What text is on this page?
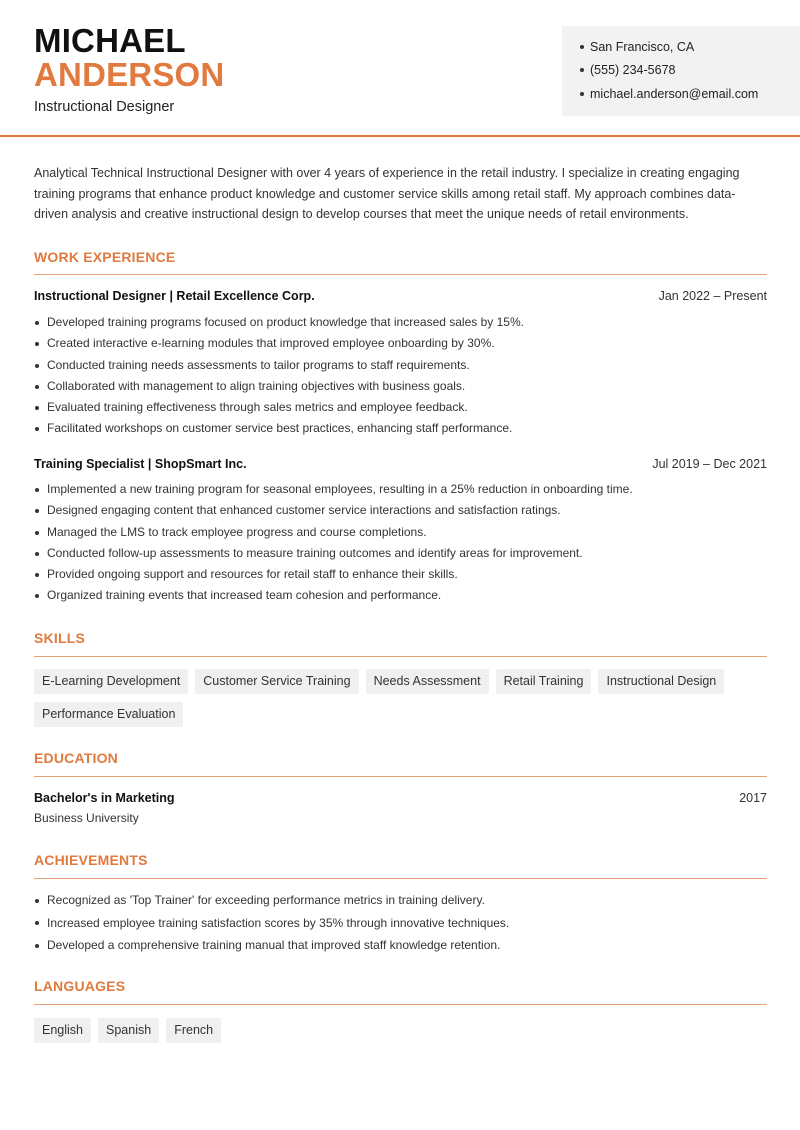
MICHAEL
ANDERSON
Instructional Designer
San Francisco, CA
(555) 234-5678
michael.anderson@email.com

Analytical Technical Instructional Designer with over 4 years of experience in the retail industry. I specialize in creating engaging training programs that enhance product knowledge and customer service skills among retail staff. My approach combines data-driven analysis and creative instructional design to develop courses that meet the unique needs of retail environments.

WORK EXPERIENCE
Instructional Designer | Retail Excellence Corp.	Jan 2022 – Present
Developed training programs focused on product knowledge that increased sales by 15%.
Created interactive e-learning modules that improved employee onboarding by 30%.
Conducted training needs assessments to tailor programs to staff requirements.
Collaborated with management to align training objectives with business goals.
Evaluated training effectiveness through sales metrics and employee feedback.
Facilitated workshops on customer service best practices, enhancing staff performance.
Training Specialist | ShopSmart Inc.	Jul 2019 – Dec 2021
Implemented a new training program for seasonal employees, resulting in a 25% reduction in onboarding time.
Designed engaging content that enhanced customer service interactions and satisfaction ratings.
Managed the LMS to track employee progress and course completions.
Conducted follow-up assessments to measure training outcomes and identify areas for improvement.
Provided ongoing support and resources for retail staff to enhance their skills.
Organized training events that increased team cohesion and performance.
SKILLS
E-Learning Development	Customer Service Training	Needs Assessment	Retail Training	Instructional Design
Performance Evaluation
EDUCATION
Bachelor's in Marketing	2017
Business University
ACHIEVEMENTS
Recognized as 'Top Trainer' for exceeding performance metrics in training delivery.
Increased employee training satisfaction scores by 35% through innovative techniques.
Developed a comprehensive training manual that improved staff knowledge retention.
LANGUAGES
English	Spanish	French
